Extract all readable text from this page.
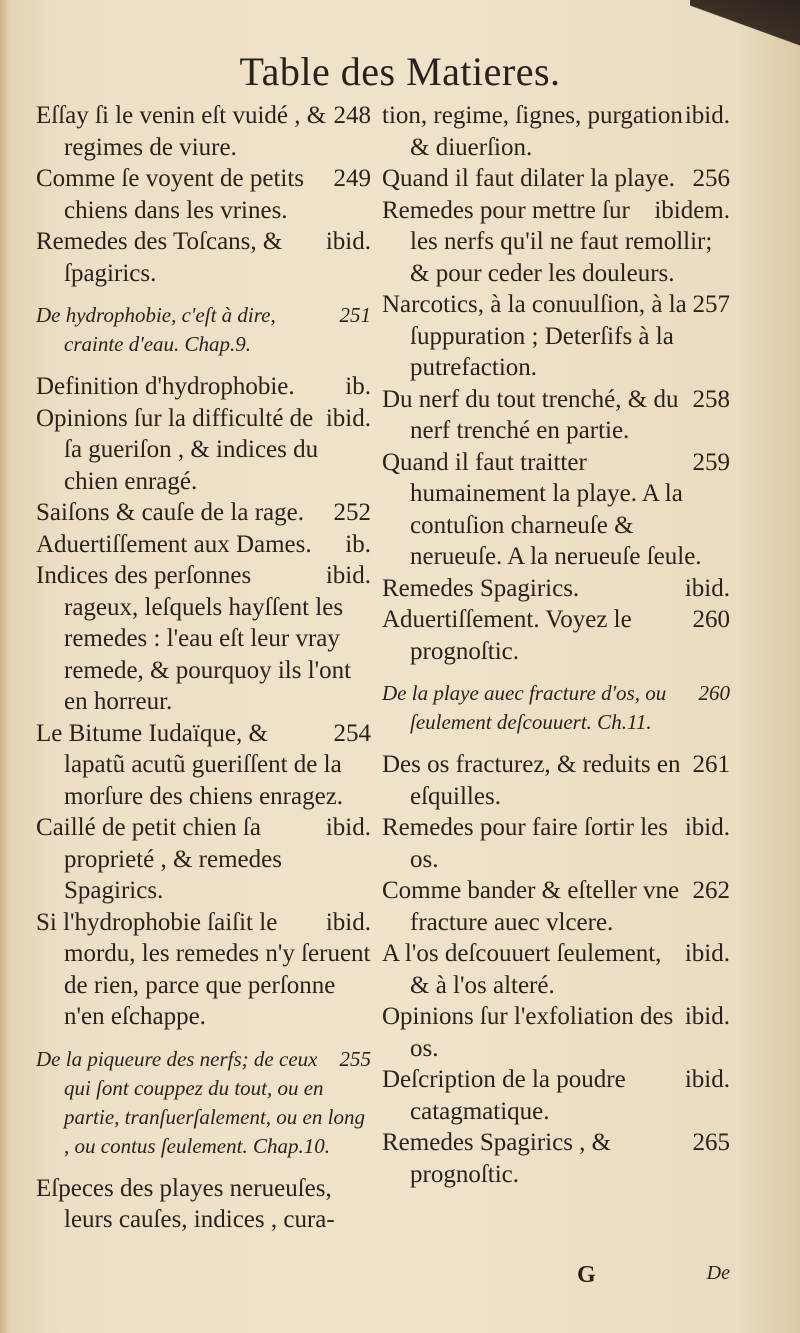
Table des Matieres.
248
Eſſay ſi le venin eſt vuidé , & regimes de viure.
249
Comme ſe voyent de petits chiens dans les vrines.
ibid.
Remedes des Toſcans, & ſpagirics.
251
De hydrophobie, c'eſt à dire, crainte d'eau. Chap.9.
ib.
Definition d'hydrophobie.
ibid.
Opinions ſur la difficulté de ſa gueriſon , & indices du chien enragé.
252
Saiſons & cauſe de la rage.
ib.
Aduertiſſement aux Dames.
ibid.
Indices des perſonnes rageux, leſquels hayſſent les remedes : l'eau eſt leur vray remede, & pourquoy ils l'ont en horreur.
254
Le Bitume Iudaïque, & lapatũ acutũ gueriſſent de la morſure des chiens enragez.
ibid.
Caillé de petit chien ſa proprieté , & remedes Spagirics.
ibid.
Si l'hydrophobie ſaiſit le mordu, les remedes n'y ſeruent de rien, parce que perſonne n'en eſchappe.
255
De la piqueure des nerfs; de ceux qui ſont couppez du tout, ou en partie, tranſuerſalement, ou en long , ou contus ſeulement. Chap.10.
Eſpeces des playes nerueuſes, leurs cauſes, indices , cura-
ibid.
tion, regime, ſignes, purgation & diuerſion.
256
Quand il faut dilater la playe.
ibidem.
Remedes pour mettre ſur les nerfs qu'il ne faut remollir; & pour ceder les douleurs.
257
Narcotics, à la conuulſion, à la ſuppuration ; Deterſifs à la putrefaction.
258
Du nerf du tout trenché, & du nerf trenché en partie.
259
Quand il faut traitter humainement la playe. A la contuſion charneuſe & nerueuſe. A la nerueuſe ſeule.
ibid.
Remedes Spagirics.
260
Aduertiſſement. Voyez le prognoſtic.
260
De la playe auec fracture d'os, ou ſeulement deſcouuert. Ch.11.
261
Des os fracturez, & reduits en eſquilles.
ibid.
Remedes pour faire ſortir les os.
262
Comme bander & eſteller vne fracture auec vlcere.
ibid.
A l'os deſcouuert ſeulement, & à l'os alteré.
ibid.
Opinions ſur l'exfoliation des os.
ibid.
Deſcription de la poudre catagmatique.
265
Remedes Spagirics , & prognoſtic.
G	De
